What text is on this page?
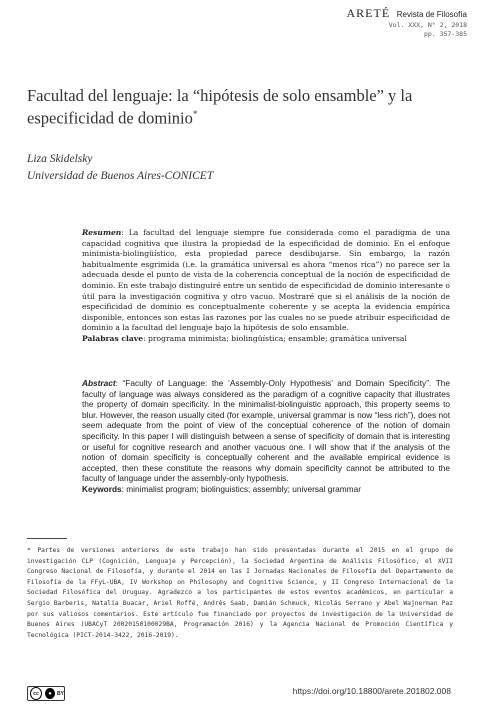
ARETÉ Revista de Filosofía
Vol. XXX, N° 2, 2018
pp. 357-385
Facultad del lenguaje: la “hipótesis de solo ensamble” y la especificidad de dominio*
Liza Skidelsky
Universidad de Buenos Aires-CONICET
Resumen: La facultad del lenguaje siempre fue considerada como el paradigma de una capacidad cognitiva que ilustra la propiedad de la especificidad de dominio. En el enfoque minimista-biolingüístico, esta propiedad parece desdibujarse. Sin embargo, la razón habitualmente esgrimida (i.e. la gramática universal es ahora “menos rica”) no parece ser la adecuada desde el punto de vista de la coherencia conceptual de la noción de especificidad de dominio. En este trabajo distinguiré entre un sentido de especificidad de dominio interesante o útil para la investigación cognitiva y otro vacuo. Mostraré que si el análisis de la noción de especificidad de dominio es conceptualmente coherente y se acepta la evidencia empírica disponible, entonces son estas las razones por las cuales no se puede atribuir especificidad de dominio a la facultad del lenguaje bajo la hipótesis de solo ensamble.
Palabras clave: programa minimista; biolingüística; ensamble; gramática universal
Abstract: “Faculty of Language: the ‘Assembly-Only Hypothesis’ and Domain Specificity”. The faculty of language was always considered as the paradigm of a cognitive capacity that illustrates the property of domain specificity. In the minimalist-biolinguistic approach, this property seems to blur. However, the reason usually cited (for example, universal grammar is now “less rich”), does not seem adequate from the point of view of the conceptual coherence of the notion of domain specificity. In this paper I will distinguish between a sense of specificity of domain that is interesting or useful for cognitive research and another vacuous one. I will show that if the analysis of the notion of domain specificity is conceptually coherent and the available empirical evidence is accepted, then these constitute the reasons why domain specificity cannot be attributed to the faculty of language under the assembly-only hypothesis.
Keywords: minimalist program; biolinguistics; assembly; universal grammar
* Partes de versiones anteriores de este trabajo han sido presentadas durante el 2015 en el grupo de investigación CLP (Cognición, Lenguaje y Percepción), la Sociedad Argentina de Análisis Filosófico, el XVII Congreso Nacional de Filosofía, y durante el 2014 en las I Jornadas Nacionales de Filosofía del Departamento de Filosofía de la FFyL-UBA, IV Workshop on Philosophy and Cognitive Science, y II Congreso Internacional de la Sociedad Filosófica del Uruguay. Agradezco a los participantes de estos eventos académicos, en particular a Sergio Barberis, Natalia Buacar, Ariel Roffé, Andrés Saab, Damián Schmuck, Nicolás Serrano y Abel Wajnerman Paz por sus valiosos comentarios. Este artículo fue financiado por proyectos de investigación de la Universidad de Buenos Aires (UBACyT 20020150100029BA, Programación 2016) y la Agencia Nacional de Promoción Científica y Tecnológica (PICT-2014-3422, 2016-2019).
cc	●	BY	https://doi.org/10.18800/arete.201802.008
